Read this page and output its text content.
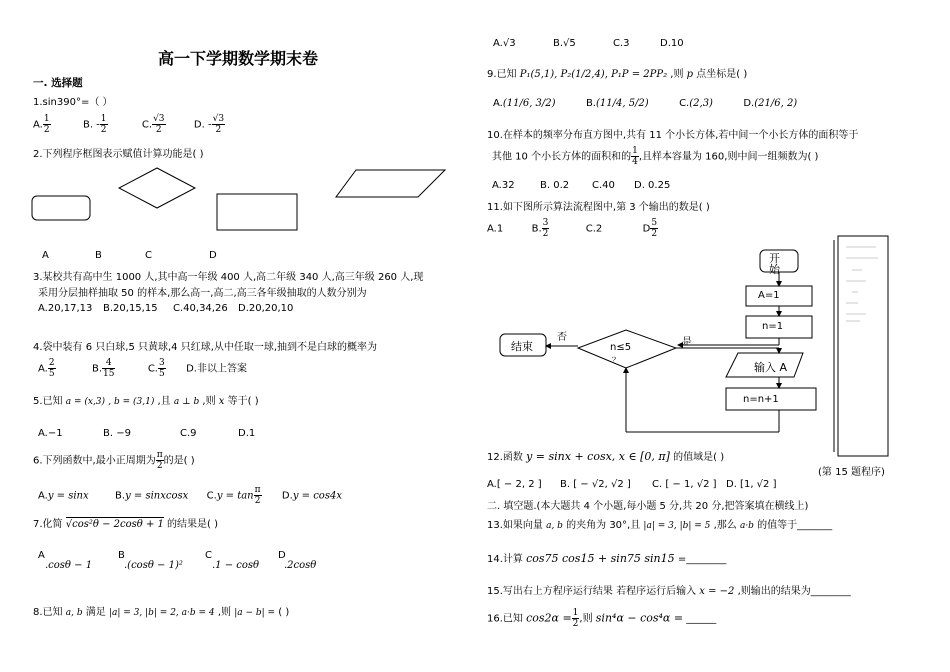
高一下学期数学期末卷
一. 选择题
1.sin390°=（ ）
A. $\frac{1}{2}$	B. - $\frac{1}{2}$	C. $\frac{√3}{2}$	D. - $\frac{√3}{2}$
2.下列程序框图表示赋值计算功能是( )
A	B	C	D
3.某校共有高中生 1000 人,其中高一年级 400 人,高二年级 340 人,高三年级 260 人,现
采用分层抽样抽取 50 的样本,那么高一,高二,高三各年级抽取的人数分别为
A.20,17,13 B.20,15,15 C.40,34,26 D.20,20,10
4.袋中装有 6 只白球,5 只黄球,4 只红球,从中任取一球,抽到不是白球的概率为
A. $\frac{2}{5}$	B. $\frac{4}{15}$	C. $\frac{3}{5} D$.非以上答案
5.已知 a = (x,3) , b = (3,1) ,且 a ⊥ b ,则 x 等于( )
A.−1	B. −9	C.9	D.1
6.下列函数中,最小正周期为 $\frac{\pi}{2}$ 的是( )
A.y = sinx	B.y = sinxcosx $C.y = \tan \frac{\pi}{2} D.y = \cos 4x$
7.化简 √cos²θ − 2cosθ + 1 的结果是( )
A
.cosθ − 1
B
.(cosθ − 1)²
C
.1 − cosθ
D
.2cosθ
8.已知 a, b 满足 |a| = 3, |b| = 2, a·b = 4 ,则 |a − b| = ( )
A.√3	B.√5	C.3	D.10
9.已知 P₁(5,1), P₂(1/2,4), P₁P = 2PP₂ ,则 p 点坐标是( )
A.(11/6, 3/2)	B.(11/4, 5/2)	C.(2,3)	D.(21/6, 2)
10.在样本的频率分布直方图中,共有 11 个小长方体,若中间一个小长方体的面积等于
其他 10 个小长方体的面积和的 $\frac{1}{4}$ ,且样本容量为 160,则中间一组频数为( )
A.32	B. 0.2 C.40 D. 0.25
11.如下图所示算法流程图中,第 3 个输出的数是( )
A.1	B. $\frac{3}{2}$	C.2	D $\frac{5}{2}$
开
始
A=1
n=1
n≤5
？
输入 A
n=n+1
结束
否	是
(第 15 题程序)
12.函数 y = sinx + cosx, x ∈ [0, π] 的值域是( )
A.[ − 2, 2 ] B. [ − √2, √2 ] C. [ − 1, √2 ] D. [1, √2 ]
二. 填空题.(本大题共 4 个小题,每小题 5 分,共 20 分,把答案填在横线上)
13.如果向量 a, b 的夹角为 30°,且 |a| = 3, |b| = 5 ,那么 a·b 的值等于_______
14.计算 cos75 cos15 + sin75 sin15 =________
15.写出右上方程序运行结果 若程序运行后输入 x = −2 ,则输出的结果为________
16.已知 $\cos 2\alpha = \frac{1}{2}$ ,则 sin⁴α − cos⁴α = ______
